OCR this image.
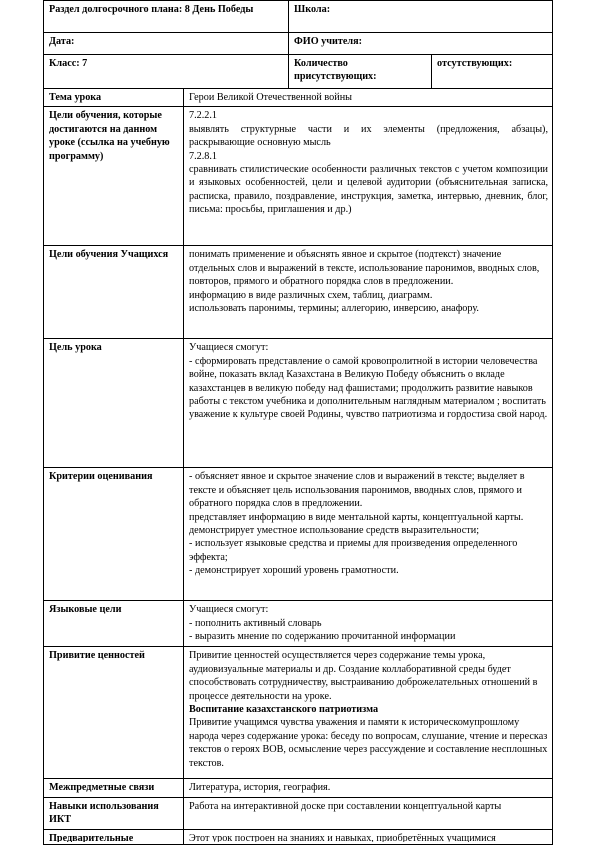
Раздел долгосрочного плана: 8 День Победы		Школа:	
Дата:		ФИО учителя:	
Класс: 7		Количество присутствующих:	отсутствующих:
Тема урока	Герои Великой Отечественной войны		
Цели обучения, которые достигаются на данном уроке (ссылка на учебную программу)	7.2.2.1
выявлять структурные части и их элементы (предложения, абзацы), раскрывающие основную мысль
7.2.8.1
сравнивать стилистические особенности различных текстов с учетом композиции и языковых особенностей, цели и целевой аудитории (объяснительная записка, расписка, правило, поздравление, инструкция, заметка, интервью, дневник, блог, письма: просьбы, приглашения и др.)		

Цели обучения Учащихся	понимать применение и объяснять явное и скрытое (подтекст) значение отдельных слов и выражений в тексте, использование паронимов, вводных слов, повторов, прямого и обратного порядка слов в предложении.
информацию в виде различных схем, таблиц, диаграмм.
использовать паронимы, термины; аллегорию, инверсию, анафору.		

Цель урока	Учащиеся смогут:
- сформировать представление о самой кровопролитной в истории человечества войне, показать вклад Казахстана в Великую Победу объяснить о вкладе казахстанцев в великую победу над фашистами; продолжить развитие навыков работы с текстом учебника и дополнительным наглядным материалом ; воспитать уважение к культуре своей Родины, чувство патриотизма и гордостиза свой народ.		

Критерии оценивания	- объясняет явное и скрытое значение слов и выражений в тексте; выделяет в тексте и объясняет цель использования паронимов, вводных слов, прямого и обратного порядка слов в предложении.
представляет информацию в виде ментальной карты, концептуальной карты.
демонстрирует уместное использование средств выразительности;
- использует языковые средства и приемы для произведения определенного эффекта;
- демонстрирует хороший уровень грамотности.		

Языковые цели	Учащиеся смогут:
- пополнить активный словарь
- выразить мнение по содержанию прочитанной информации		

Привитие ценностей	Привитие ценностей осуществляется через содержание темы урока, аудиовизуальные материалы и др. Создание коллаборативной среды будет способствовать сотрудничеству, выстраиванию доброжелательных отношений в процессе деятельности на уроке.
Воспитание казахстанского патриотизма
Привитие учащимся чувства уважения и памяти к историческомупрошлому народа через содержание урока: беседу по вопросам, слушание, чтение и пересказ текстов о героях ВОВ, осмысление через рассуждение и составление несплошных текстов.		

Межпредметные связи	Литература, история, география.		
Навыки использования ИКТ	Работа на интерактивной доске при составлении концептуальной карты		

Предварительные	Этот урок построен на знаниях и навыках, приобретённых учащимися		
